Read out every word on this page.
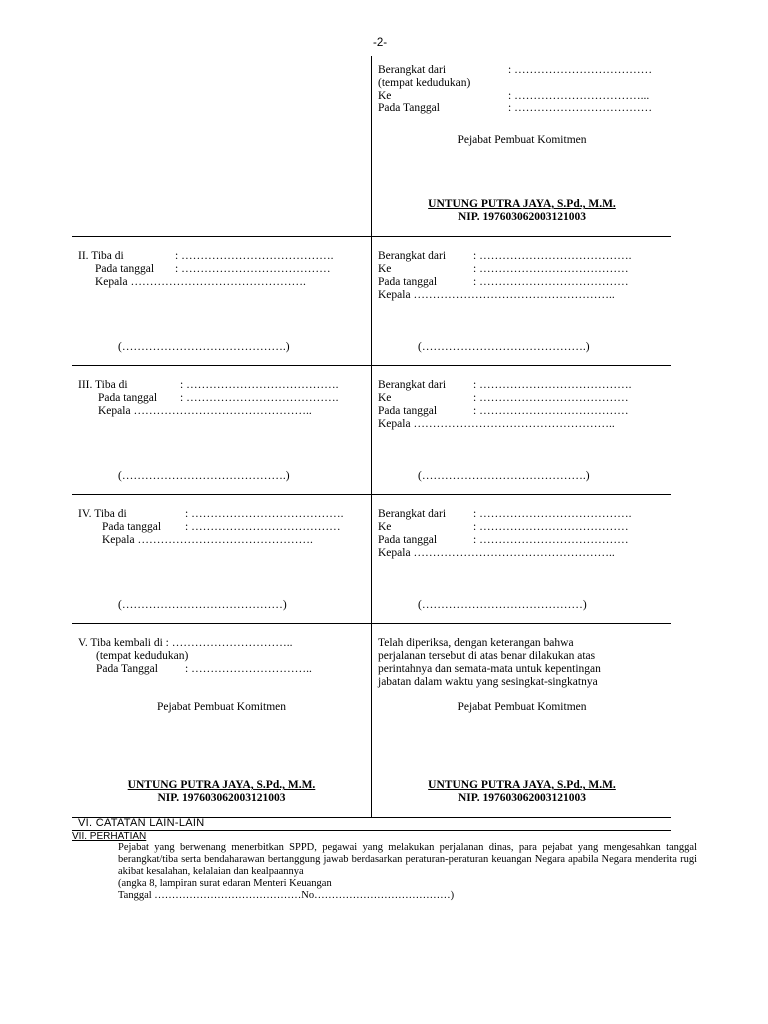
-2-
Berangkat dari	: ………………………………
(tempat kedudukan)
Ke	: ……………………………...
Pada Tanggal	: ………………………………
Pejabat Pembuat Komitmen
UNTUNG PUTRA JAYA, S.Pd., M.M.
NIP. 197603062003121003
II. Tiba di	: ………………………………….
Pada tanggal : …………………………………
Kepala ……………………………………….
(…………………………………….)
Berangkat dari : ………………………………….
Ke	: …………………………………
Pada tanggal	: …………………………………
Kepala ……………………………………………..
(…………………………………….)
III. Tiba di	: ………………………………….
Pada tanggal : ………………………………….
Kepala ………………………………………..
(…………………………………….)
Berangkat dari : ………………………………….
Ke	: …………………………………
Pada tanggal	: …………………………………
Kepala ……………………………………………..
(…………………………………….)
IV. Tiba di	: ………………………………….
Pada tanggal : …………………………………
Kepala ……………………………………….
(……………………………………)
Berangkat dari : ………………………………….
Ke	: …………………………………
Pada tanggal	: …………………………………
Kepala ……………………………………………..
(……………………………………)
V. Tiba kembali di : …………………………..
(tempat kedudukan)
Pada Tanggal : …………………………..
Telah diperiksa, dengan keterangan bahwa
perjalanan tersebut di atas benar dilakukan atas
perintahnya dan semata-mata untuk kepentingan
jabatan dalam waktu yang sesingkat-singkatnya
Pejabat Pembuat Komitmen	Pejabat Pembuat Komitmen
UNTUNG PUTRA JAYA, S.Pd., M.M.
NIP. 197603062003121003
UNTUNG PUTRA JAYA, S.Pd., M.M.
NIP. 197603062003121003
VI. CATATAN LAIN-LAIN
VII. PERHATIAN
Pejabat yang berwenang menerbitkan SPPD, pegawai yang melakukan perjalanan dinas, para pejabat yang mengesahkan tanggal berangkat/tiba serta bendaharawan bertanggung jawab berdasarkan peraturan-peraturan keuangan Negara apabila Negara menderita rugi akibat kesalahan, kelalaian dan kealpaannya
(angka 8, lampiran surat edaran Menteri Keuangan
Tanggal ……………………………………No…………………………………)
